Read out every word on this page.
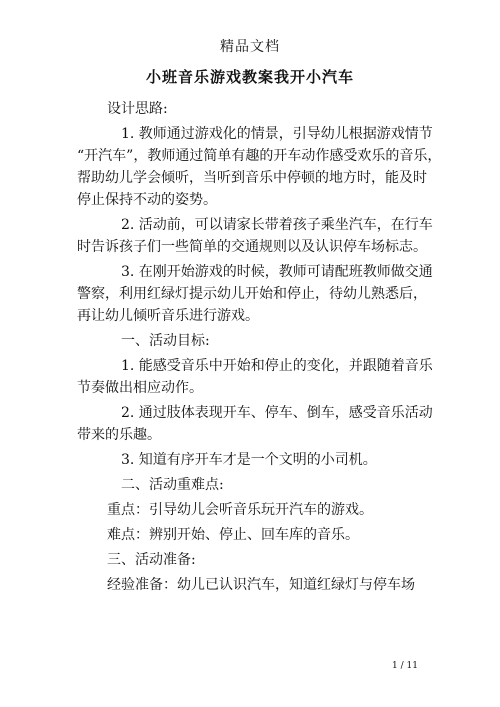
精品文档
小班音乐游戏教案我开小汽车
设计思路:
1. 教师通过游戏化的情景，引导幼儿根据游戏情节
“开汽车”，教师通过简单有趣的开车动作感受欢乐的音乐，
帮助幼儿学会倾听，当听到音乐中停顿的地方时，能及时
停止保持不动的姿势。
2. 活动前，可以请家长带着孩子乘坐汽车，在行车
时告诉孩子们一些简单的交通规则以及认识停车场标志。
3. 在刚开始游戏的时候，教师可请配班教师做交通
警察，利用红绿灯提示幼儿开始和停止，待幼儿熟悉后，
再让幼儿倾听音乐进行游戏。
一、活动目标:
1. 能感受音乐中开始和停止的变化，并跟随着音乐
节奏做出相应动作。
2. 通过肢体表现开车、停车、倒车，感受音乐活动
带来的乐趣。
3. 知道有序开车才是一个文明的小司机。
二、活动重难点:
重点：引导幼儿会听音乐玩开汽车的游戏。
难点：辨别开始、停止、回车库的音乐。
三、活动准备:
经验准备：幼儿已认识汽车，知道红绿灯与停车场
1 / 11
